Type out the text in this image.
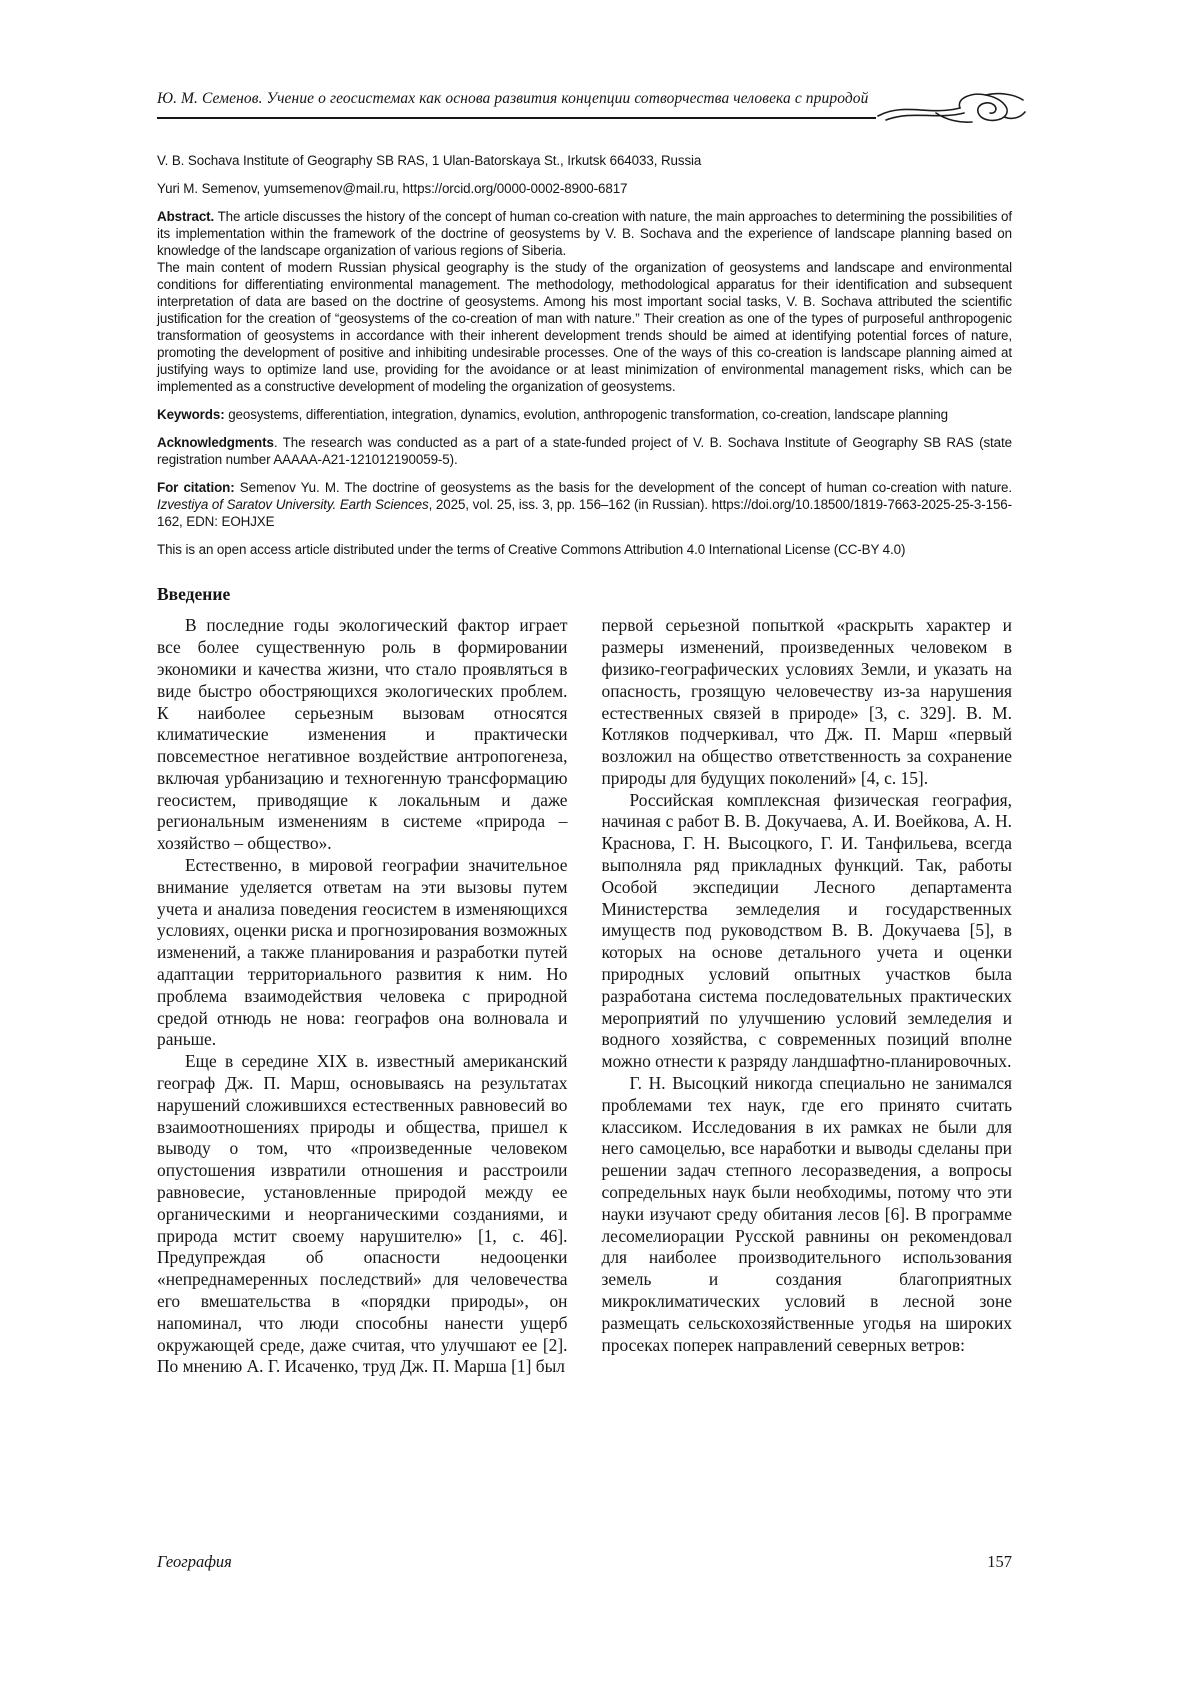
Ю. М. Семенов. Учение о геосистемах как основа развития концепции сотворчества человека с природой

V. B. Sochava Institute of Geography SB RAS, 1 Ulan-Batorskaya St., Irkutsk 664033, Russia

Yuri M. Semenov, yumsemenov@mail.ru, https://orcid.org/0000-0002-8900-6817

Abstract. The article discusses the history of the concept of human co-creation with nature, the main approaches to determining the possibilities of its implementation within the framework of the doctrine of geosystems by V. B. Sochava and the experience of landscape planning based on knowledge of the landscape organization of various regions of Siberia.
The main content of modern Russian physical geography is the study of the organization of geosystems and landscape and environmental conditions for differentiating environmental management. The methodology, methodological apparatus for their identification and subsequent interpretation of data are based on the doctrine of geosystems. Among his most important social tasks, V. B. Sochava attributed the scientific justification for the creation of “geosystems of the co-creation of man with nature.” Their creation as one of the types of purposeful anthropogenic transformation of geosystems in accordance with their inherent development trends should be aimed at identifying potential forces of nature, promoting the development of positive and inhibiting undesirable processes. One of the ways of this co-creation is landscape planning aimed at justifying ways to optimize land use, providing for the avoidance or at least minimization of environmental management risks, which can be implemented as a constructive development of modeling the organization of geosystems.

Keywords: geosystems, differentiation, integration, dynamics, evolution, anthropogenic transformation, co-creation, landscape planning

Acknowledgments. The research was conducted as a part of a state-funded project of V. B. Sochava Institute of Geography SB RAS (state registration number AAAAA-A21-121012190059-5).

For citation: Semenov Yu. M. The doctrine of geosystems as the basis for the development of the concept of human co-creation with nature. Izvestiya of Saratov University. Earth Sciences, 2025, vol. 25, iss. 3, pp. 156–162 (in Russian). https://doi.org/10.18500/1819-7663-2025-25-3-156-162, EDN: EOHJXE

This is an open access article distributed under the terms of Creative Commons Attribution 4.0 International License (CC-BY 4.0)

Введение

В последние годы экологический фактор играет все более существенную роль в формировании экономики и качества жизни, что стало проявляться в виде быстро обостряющихся экологических проблем. К наиболее серьезным вызовам относятся климатические изменения и практически повсеместное негативное воздействие антропогенеза, включая урбанизацию и техногенную трансформацию геосистем, приводящие к локальным и даже региональным изменениям в системе «природа – хозяйство – общество».

Естественно, в мировой географии значительное внимание уделяется ответам на эти вызовы путем учета и анализа поведения геосистем в изменяющихся условиях, оценки риска и прогнозирования возможных изменений, а также планирования и разработки путей адаптации территориального развития к ним. Но проблема взаимодействия человека с природной средой отнюдь не нова: географов она волновала и раньше.

Еще в середине XIX в. известный американский географ Дж. П. Марш, основываясь на результатах нарушений сложившихся естественных равновесий во взаимоотношениях природы и общества, пришел к выводу о том, что «произведенные человеком опустошения извратили отношения и расстроили равновесие, установленные природой между ее органическими и неорганическими созданиями, и природа мстит своему нарушителю» [1, с. 46]. Предупреждая об опасности недооценки «непреднамеренных последствий» для человечества его вмешательства в «порядки природы», он напоминал, что люди способны нанести ущерб окружающей среде, даже считая, что улучшают ее [2]. По мнению А. Г. Исаченко, труд Дж. П. Марша [1] был

первой серьезной попыткой «раскрыть характер и размеры изменений, произведенных человеком в физико-географических условиях Земли, и указать на опасность, грозящую человечеству из-за нарушения естественных связей в природе» [3, с. 329]. В. М. Котляков подчеркивал, что Дж. П. Марш «первый возложил на общество ответственность за сохранение природы для будущих поколений» [4, с. 15].

Российская комплексная физическая география, начиная с работ В. В. Докучаева, А. И. Воейкова, А. Н. Краснова, Г. Н. Высоцкого, Г. И. Танфильева, всегда выполняла ряд прикладных функций. Так, работы Особой экспедиции Лесного департамента Министерства земледелия и государственных имуществ под руководством В. В. Докучаева [5], в которых на основе детального учета и оценки природных условий опытных участков была разработана система последовательных практических мероприятий по улучшению условий земледелия и водного хозяйства, с современных позиций вполне можно отнести к разряду ландшафтно-планировочных.

Г. Н. Высоцкий никогда специально не занимался проблемами тех наук, где его принято считать классиком. Исследования в их рамках не были для него самоцелью, все наработки и выводы сделаны при решении задач степного лесоразведения, а вопросы сопредельных наук были необходимы, потому что эти науки изучают среду обитания лесов [6]. В программе лесомелиорации Русской равнины он рекомендовал для наиболее производительного использования земель и создания благоприятных микроклиматических условий в лесной зоне размещать сельскохозяйственные угодья на широких просеках поперек направлений северных ветров:

География	157
